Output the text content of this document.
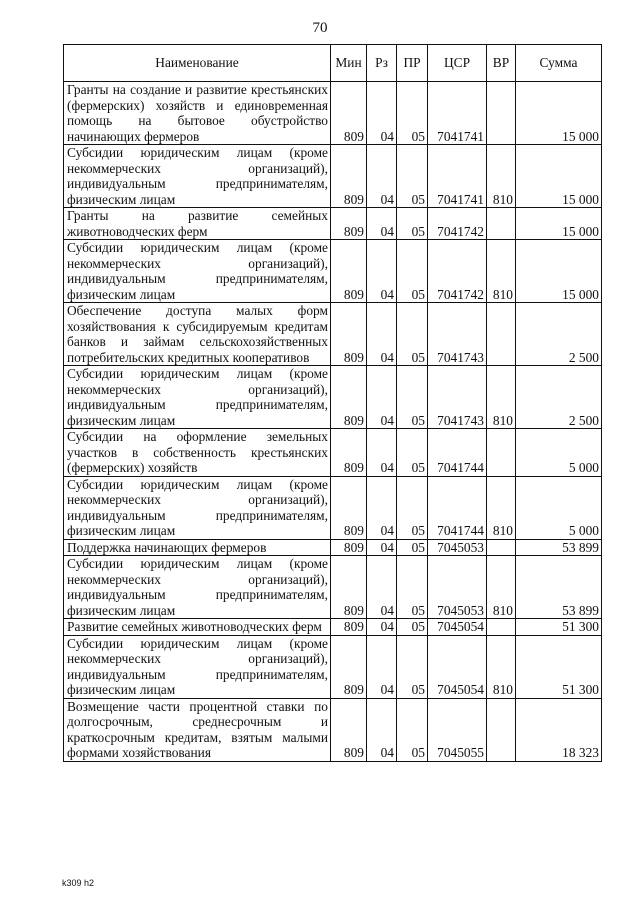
70
Наименование	Мин	Рз	ПР	ЦСР	ВР	Сумма
Гранты на создание и развитие крестьянских (фермерских) хозяйств и единовременная помощь на бытовое обустройство начинающих фермеров	809	04	05	7041741		15 000
Субсидии юридическим лицам (кроме некоммерческих организаций), индивидуальным предпринимателям, физическим лицам	809	04	05	7041741	810	15 000
Гранты на развитие семейных животноводческих ферм	809	04	05	7041742		15 000
Субсидии юридическим лицам (кроме некоммерческих организаций), индивидуальным предпринимателям, физическим лицам	809	04	05	7041742	810	15 000
Обеспечение доступа малых форм хозяйствования к субсидируемым кредитам банков и займам сельскохозяйственных потребительских кредитных кооперативов	809	04	05	7041743		2 500
Субсидии юридическим лицам (кроме некоммерческих организаций), индивидуальным предпринимателям, физическим лицам	809	04	05	7041743	810	2 500
Субсидии на оформление земельных участков в собственность крестьянских (фермерских) хозяйств	809	04	05	7041744		5 000
Субсидии юридическим лицам (кроме некоммерческих организаций), индивидуальным предпринимателям, физическим лицам	809	04	05	7041744	810	5 000
Поддержка начинающих фермеров	809	04	05	7045053		53 899
Субсидии юридическим лицам (кроме некоммерческих организаций), индивидуальным предпринимателям, физическим лицам	809	04	05	7045053	810	53 899
Развитие семейных животноводческих ферм	809	04	05	7045054		51 300
Субсидии юридическим лицам (кроме некоммерческих организаций), индивидуальным предпринимателям, физическим лицам	809	04	05	7045054	810	51 300
Возмещение части процентной ставки по долгосрочным, среднесрочным и краткосрочным кредитам, взятым малыми формами хозяйствования	809	04	05	7045055		18 323
k309 h2
